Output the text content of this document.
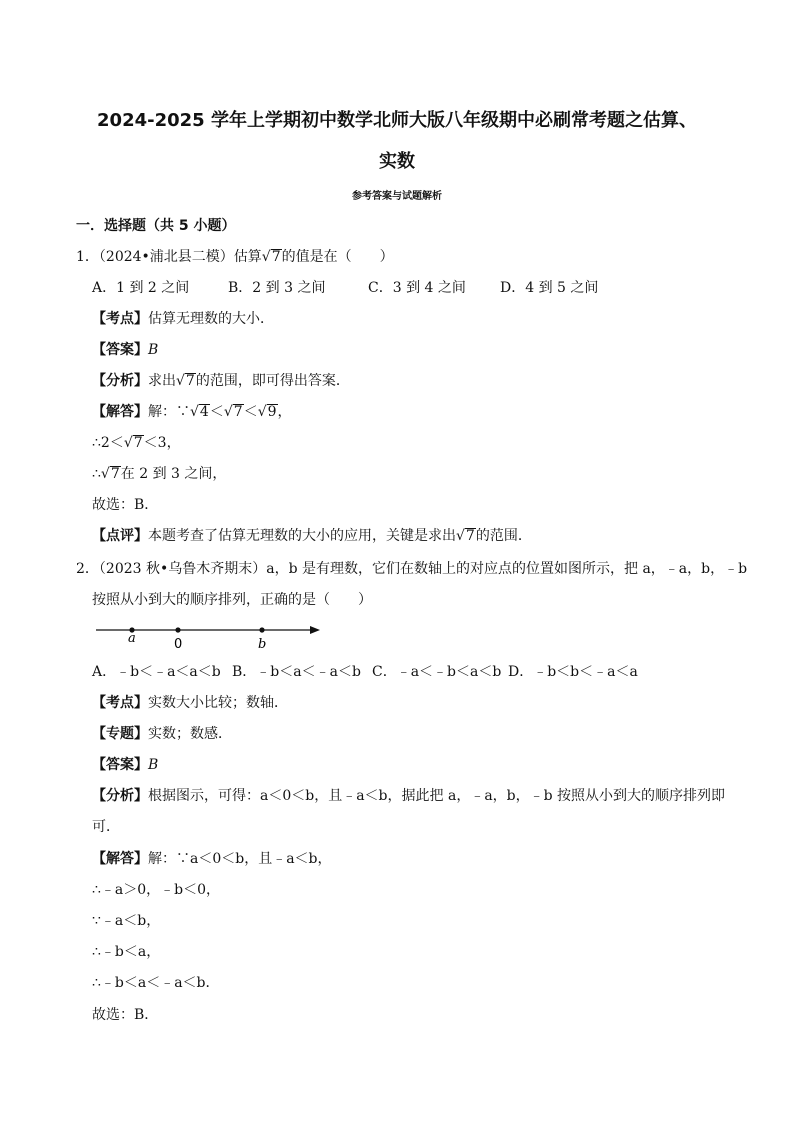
2024-2025 学年上学期初中数学北师大版八年级期中必刷常考题之估算、
实数
参考答案与试题解析
一．选择题（共 5 小题）
1．（2024•浦北县二模）估算√7的值是在（　　）
A．1 到 2 之间	B．2 到 3 之间	C．3 到 4 之间 D．4 到 5 之间
【考点】估算无理数的大小．
【答案】B
【分析】求出√7的范围，即可得出答案．
【解答】解：∵√4＜√7＜√9，
∴2＜√7＜3，
∴√7在 2 到 3 之间，
故选：B．
【点评】本题考查了估算无理数的大小的应用，关键是求出√7的范围．
2．（2023 秋•乌鲁木齐期末）a，b 是有理数，它们在数轴上的对应点的位置如图所示，把 a，﹣a，b，﹣b
按照从小到大的顺序排列，正确的是（　　）
a	0	b
A．﹣b＜﹣a＜a＜b B．﹣b＜a＜﹣a＜b C．﹣a＜﹣b＜a＜b D．﹣b＜b＜﹣a＜a
【考点】实数大小比较；数轴．
【专题】实数；数感．
【答案】B
【分析】根据图示，可得：a＜0＜b，且﹣a＜b，据此把 a，﹣a，b，﹣b 按照从小到大的顺序排列即
可．
【解答】解：∵a＜0＜b，且﹣a＜b，
∴﹣a＞0，﹣b＜0，
∵﹣a＜b，
∴﹣b＜a，
∴﹣b＜a＜﹣a＜b．
故选：B．
